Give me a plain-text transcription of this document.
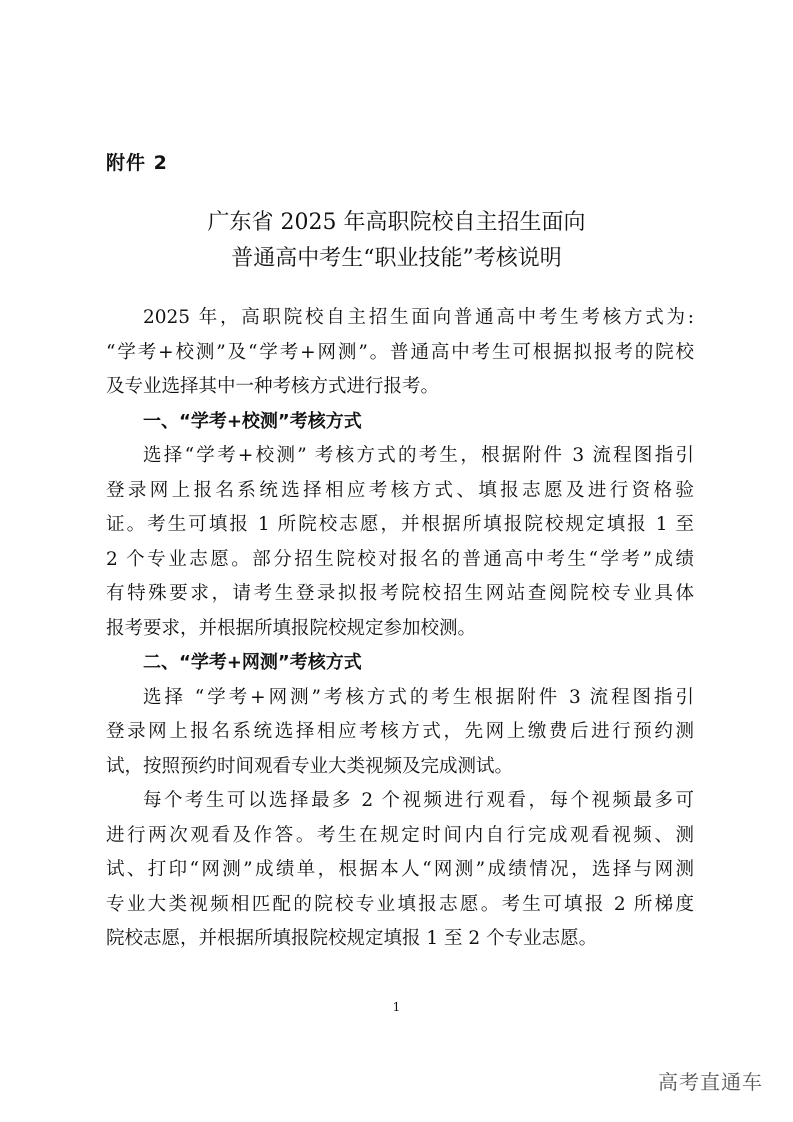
附件 2
广东省 2025 年高职院校自主招生面向
普通高中考生“职业技能”考核说明
2025 年，高职院校自主招生面向普通高中考生考核方式为:
“学考+校测”及“学考+网测”。普通高中考生可根据拟报考的院校
及专业选择其中一种考核方式进行报考。
一、“学考+校测”考核方式
选择“学考+校测” 考核方式的考生，根据附件 3 流程图指引
登录网上报名系统选择相应考核方式、填报志愿及进行资格验
证。考生可填报 1 所院校志愿，并根据所填报院校规定填报 1 至
2 个专业志愿。部分招生院校对报名的普通高中考生“学考”成绩
有特殊要求，请考生登录拟报考院校招生网站查阅院校专业具体
报考要求，并根据所填报院校规定参加校测。
二、“学考+网测”考核方式
选择 “学考+网测”考核方式的考生根据附件 3 流程图指引
登录网上报名系统选择相应考核方式，先网上缴费后进行预约测
试，按照预约时间观看专业大类视频及完成测试。
每个考生可以选择最多 2 个视频进行观看，每个视频最多可
进行两次观看及作答。考生在规定时间内自行完成观看视频、测
试、打印“网测”成绩单，根据本人“网测”成绩情况，选择与网测
专业大类视频相匹配的院校专业填报志愿。考生可填报 2 所梯度
院校志愿，并根据所填报院校规定填报 1 至 2 个专业志愿。
1
高考直通车
